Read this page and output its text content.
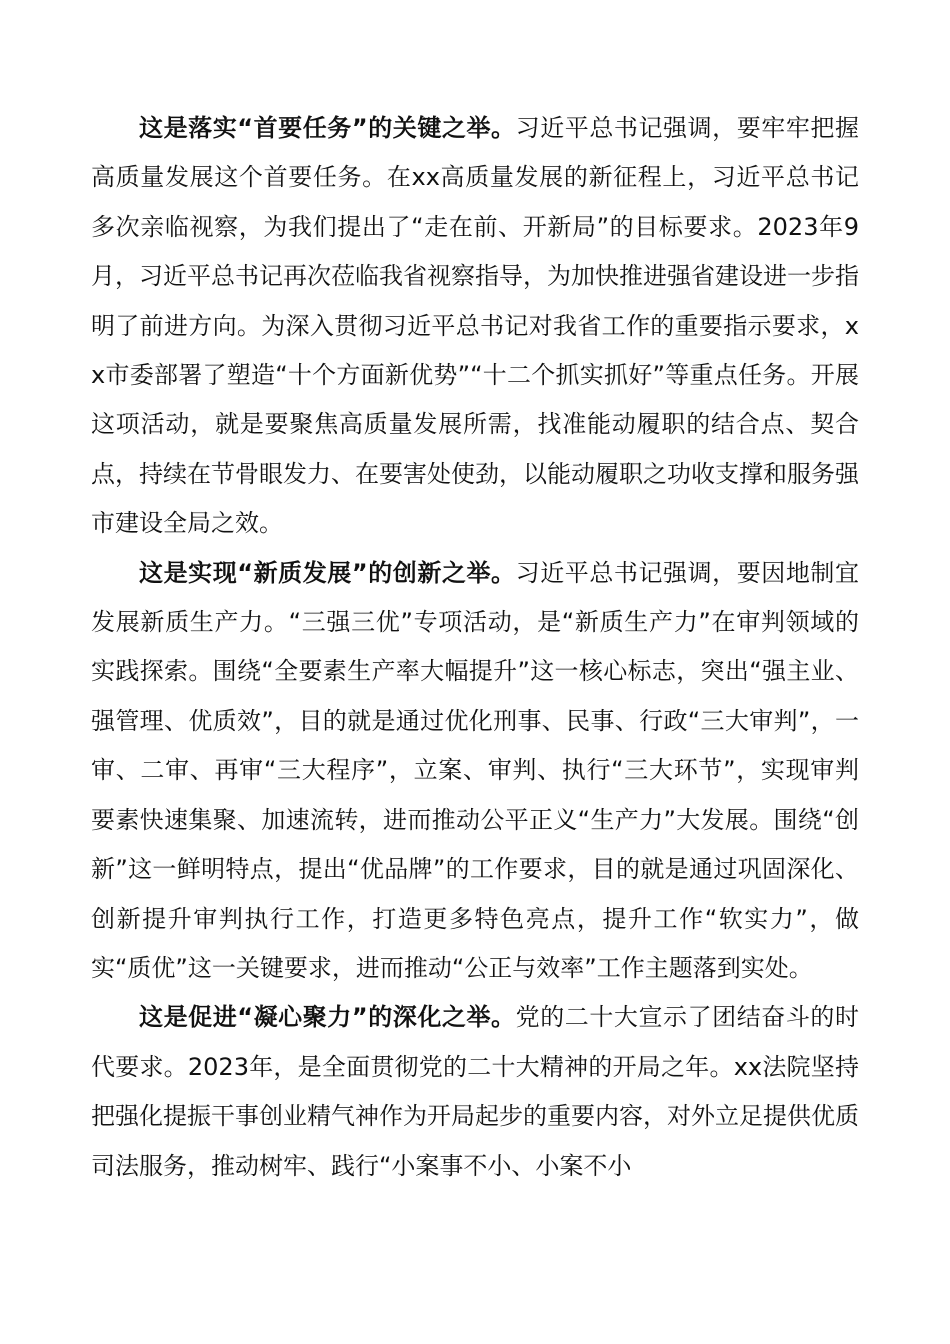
这是落实“首要任务”的关键之举。习近平总书记强调，要牢牢把握高质量发展这个首要任务。在xx高质量发展的新征程上，习近平总书记多次亲临视察，为我们提出了“走在前、开新局”的目标要求。2023年9月，习近平总书记再次莅临我省视察指导，为加快推进强省建设进一步指明了前进方向。为深入贯彻习近平总书记对我省工作的重要指示要求，xx市委部署了塑造“十个方面新优势”“十二个抓实抓好”等重点任务。开展这项活动，就是要聚焦高质量发展所需，找准能动履职的结合点、契合点，持续在节骨眼发力、在要害处使劲，以能动履职之功收支撑和服务强市建设全局之效。

这是实现“新质发展”的创新之举。习近平总书记强调，要因地制宜发展新质生产力。“三强三优”专项活动，是“新质生产力”在审判领域的实践探索。围绕“全要素生产率大幅提升”这一核心标志，突出“强主业、强管理、优质效”，目的就是通过优化刑事、民事、行政“三大审判”，一审、二审、再审“三大程序”，立案、审判、执行“三大环节”，实现审判要素快速集聚、加速流转，进而推动公平正义“生产力”大发展。围绕“创新”这一鲜明特点，提出“优品牌”的工作要求，目的就是通过巩固深化、创新提升审判执行工作，打造更多特色亮点，提升工作“软实力”，做实“质优”这一关键要求，进而推动“公正与效率”工作主题落到实处。

这是促进“凝心聚力”的深化之举。党的二十大宣示了团结奋斗的时代要求。2023年，是全面贯彻党的二十大精神的开局之年。xx法院坚持把强化提振干事创业精气神作为开局起步的重要内容，对外立足提供优质司法服务，推动树牢、践行“小案事不小、小案不小
